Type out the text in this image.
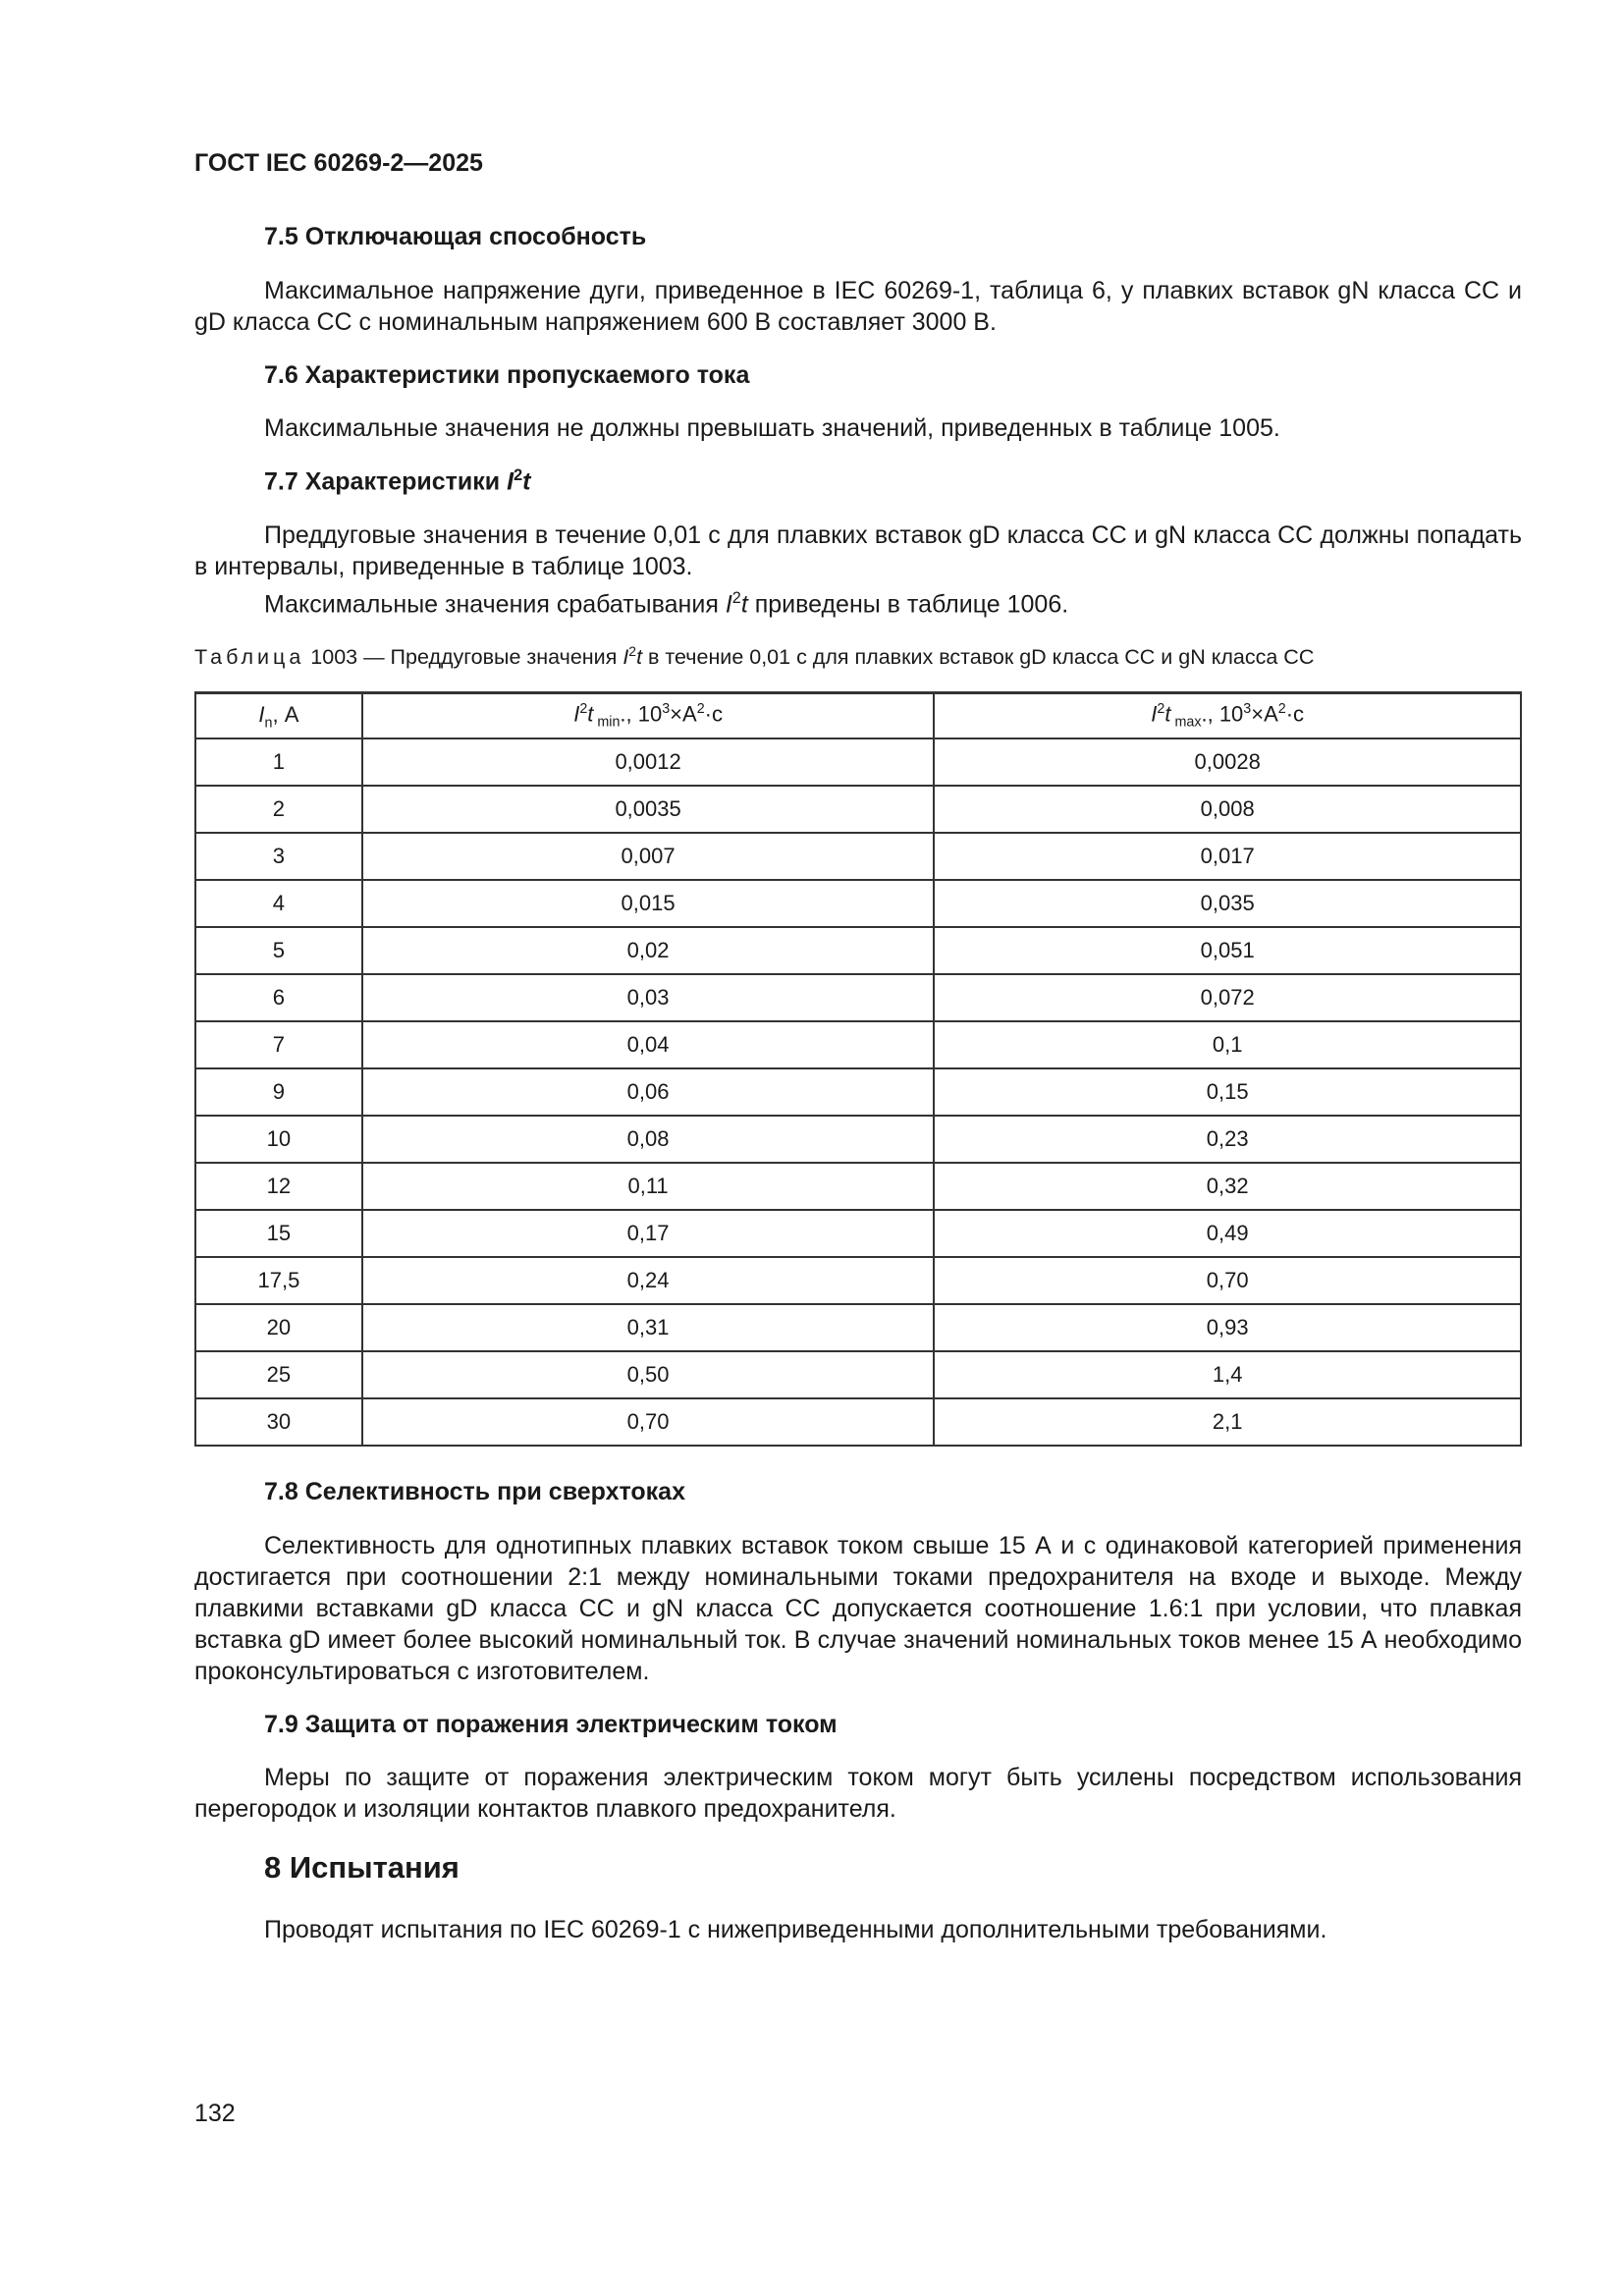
ГОСТ IEC 60269-2—2025
7.5 Отключающая способность

Максимальное напряжение дуги, приведенное в IEC 60269-1, таблица 6, у плавких вставок gN класса СС и gD класса СС с номинальным напряжением 600 В составляет 3000 В.

7.6 Характеристики пропускаемого тока

Максимальные значения не должны превышать значений, приведенных в таблице 1005.

7.7 Характеристики $I^2t$

Преддуговые значения в течение 0,01 с для плавких вставок gD класса СС и gN класса СС должны попадать в интервалы, приведенные в таблице 1003.

Максимальные значения срабатывания $I^2t$ приведены в таблице 1006.

Таблица 1003 — Преддуговые значения $I^2t$ в течение 0,01 с для плавких вставок gD класса СС и gN класса СС
$I_n$, А	$I^2t$ $_{min}$., $10^3\times А^2\cdot с$	$I^2t$ $_{max}$., $10^3\times А^2\cdot с$
1	0,0012	0,0028
2	0,0035	0,008
3	0,007	0,017
4	0,015	0,035
5	0,02	0,051
6	0,03	0,072
7	0,04	0,1
9	0,06	0,15
10	0,08	0,23
12	0,11	0,32
15	0,17	0,49
17,5	0,24	0,70
20	0,31	0,93
25	0,50	1,4
30	0,70	2,1
7.8 Селективность при сверхтоках

Селективность для однотипных плавких вставок током свыше 15 А и с одинаковой категорией применения достигается при соотношении 2:1 между номинальными токами предохранителя на входе и выходе. Между плавкими вставками gD класса СС и gN класса СС допускается соотношение 1.6:1 при условии, что плавкая вставка gD имеет более высокий номинальный ток. В случае значений номинальных токов менее 15 А необходимо проконсультироваться с изготовителем.

7.9 Защита от поражения электрическим током

Меры по защите от поражения электрическим током могут быть усилены посредством использования перегородок и изоляции контактов плавкого предохранителя.

8 Испытания

Проводят испытания по IEC 60269-1 с нижеприведенными дополнительными требованиями.

132
